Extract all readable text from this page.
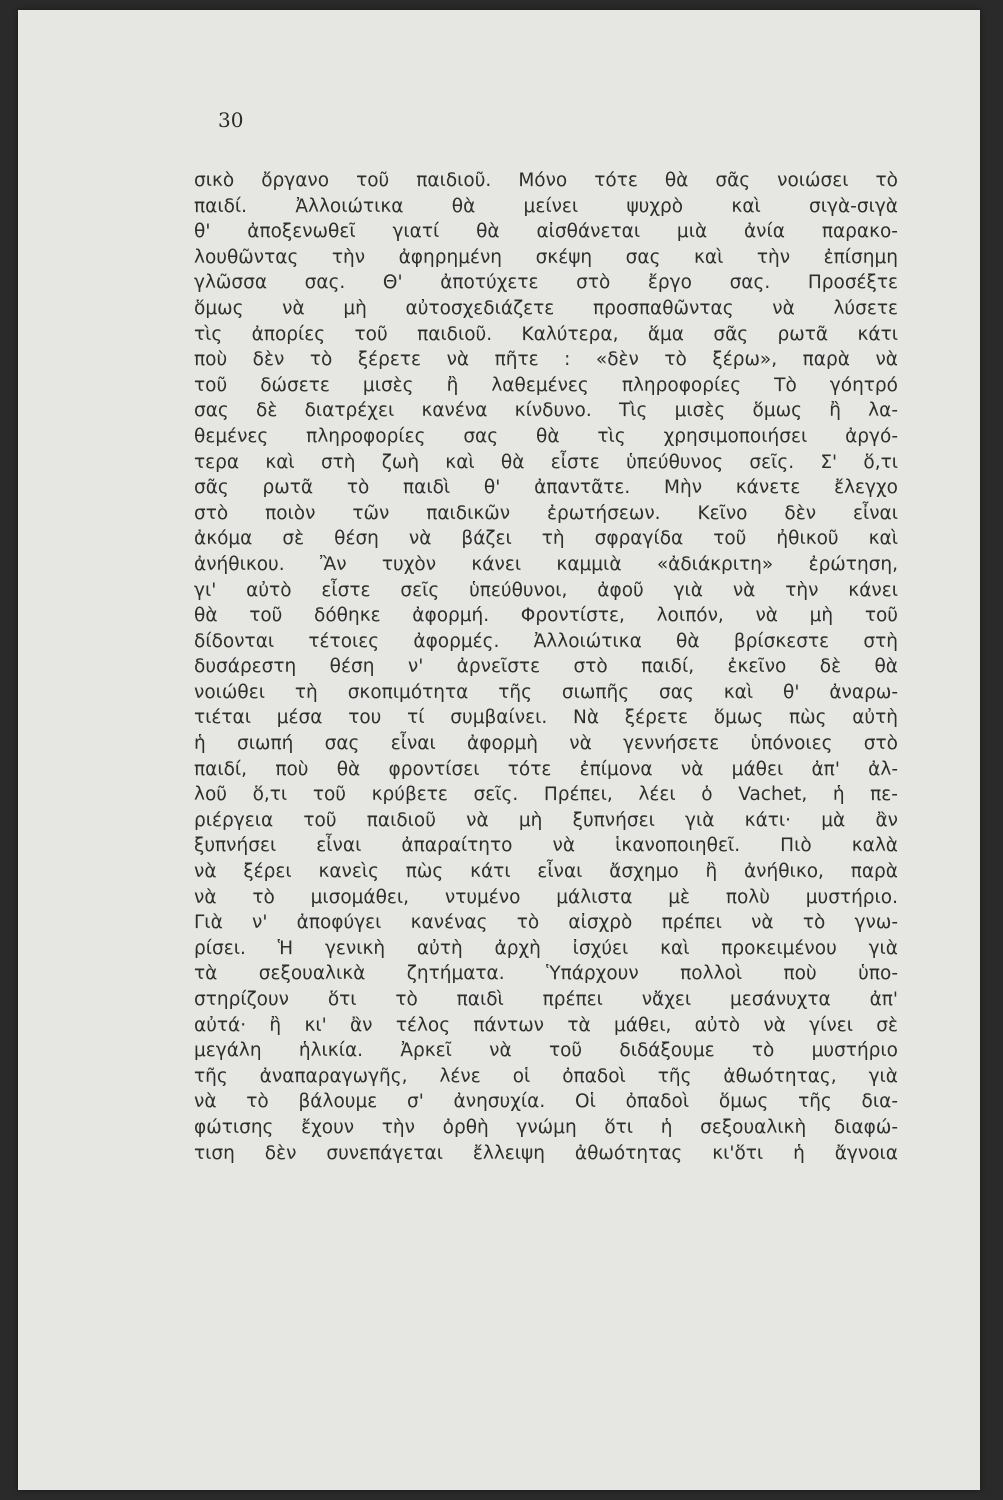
30
σικὸ ὄργανο τοῦ παιδιοῦ. Μόνο τότε θὰ σᾶς νοιώσει τὸ
παιδί. Ἀλλοιώτικα θὰ μείνει ψυχρὸ καὶ σιγὰ-σιγὰ
θ' ἀποξενωθεῖ γιατί θὰ αἰσθάνεται μιὰ ἀνία παρακο-
λουθῶντας τὴν ἀφηρημένη σκέψη σας καὶ τὴν ἐπίσημη
γλῶσσα σας. Θ' ἀποτύχετε στὸ ἔργο σας. Προσέξτε
ὅμως νὰ μὴ αὐτοσχεδιάζετε προσπαθῶντας νὰ λύσετε
τὶς ἀπορίες τοῦ παιδιοῦ. Καλύτερα, ἅμα σᾶς ρωτᾶ κάτι
ποὺ δὲν τὸ ξέρετε νὰ πῆτε : «δὲν τὸ ξέρω», παρὰ νὰ
τοῦ δώσετε μισὲς ἢ λαθεμένες πληροφορίες Τὸ γόητρό
σας δὲ διατρέχει κανένα κίνδυνο. Τὶς μισὲς ὅμως ἢ λα-
θεμένες πληροφορίες σας θὰ τὶς χρησιμοποιήσει ἀργό-
τερα καὶ στὴ ζωὴ καὶ θὰ εἶστε ὑπεύθυνος σεῖς. Σ' ὅ,τι
σᾶς ρωτᾶ τὸ παιδὶ θ' ἀπαντᾶτε. Μὴν κάνετε ἔλεγχο
στὸ ποιὸν τῶν παιδικῶν ἐρωτήσεων. Κεῖνο δὲν εἶναι
ἀκόμα σὲ θέση νὰ βάζει τὴ σφραγίδα τοῦ ἠθικοῦ καὶ
ἀνήθικου. Ἂν τυχὸν κάνει καμμιὰ «ἀδιάκριτη» ἐρώτηση,
γι' αὐτὸ εἶστε σεῖς ὑπεύθυνοι, ἀφοῦ γιὰ νὰ τὴν κάνει
θὰ τοῦ δόθηκε ἀφορμή. Φροντίστε, λοιπόν, νὰ μὴ τοῦ
δίδονται τέτοιες ἀφορμές. Ἀλλοιώτικα θὰ βρίσκεστε στὴ
δυσάρεστη θέση ν' ἀρνεῖστε στὸ παιδί, ἐκεῖνο δὲ θὰ
νοιώθει τὴ σκοπιμότητα τῆς σιωπῆς σας καὶ θ' ἀναρω-
τιέται μέσα του τί συμβαίνει. Νὰ ξέρετε ὅμως πὼς αὐτὴ
ἡ σιωπή σας εἶναι ἀφορμὴ νὰ γεννήσετε ὑπόνοιες στὸ
παιδί, ποὺ θὰ φροντίσει τότε ἐπίμονα νὰ μάθει ἀπ' ἀλ-
λοῦ ὅ,τι τοῦ κρύβετε σεῖς. Πρέπει, λέει ὁ Vachet, ἡ πε-
ριέργεια τοῦ παιδιοῦ νὰ μὴ ξυπνήσει γιὰ κάτι· μὰ ἂν
ξυπνήσει εἶναι ἀπαραίτητο νὰ ἱκανοποιηθεῖ. Πιὸ καλὰ
νὰ ξέρει κανεὶς πὼς κάτι εἶναι ἄσχημο ἢ ἀνήθικο, παρὰ
νὰ τὸ μισομάθει, ντυμένο μάλιστα μὲ πολὺ μυστήριο.
Γιὰ ν' ἀποφύγει κανένας τὸ αἰσχρὸ πρέπει νὰ τὸ γνω-
ρίσει. Ἡ γενικὴ αὐτὴ ἀρχὴ ἰσχύει καὶ προκειμένου γιὰ
τὰ σεξουαλικὰ ζητήματα. Ὑπάρχουν πολλοὶ ποὺ ὑπο-
στηρίζουν ὅτι τὸ παιδὶ πρέπει νἄχει μεσάνυχτα ἀπ'
αὐτά· ἢ κι' ἂν τέλος πάντων τὰ μάθει, αὐτὸ νὰ γίνει σὲ
μεγάλη ἡλικία. Ἀρκεῖ νὰ τοῦ διδάξουμε τὸ μυστήριο
τῆς ἀναπαραγωγῆς, λένε οἱ ὀπαδοὶ τῆς ἀθωότητας, γιὰ
νὰ τὸ βάλουμε σ' ἀνησυχία. Οἱ ὀπαδοὶ ὅμως τῆς δια-
φώτισης ἔχουν τὴν ὀρθὴ γνώμη ὅτι ἡ σεξουαλικὴ διαφώ-
τιση δὲν συνεπάγεται ἔλλειψη ἀθωότητας κι'ὅτι ἡ ἄγνοια
